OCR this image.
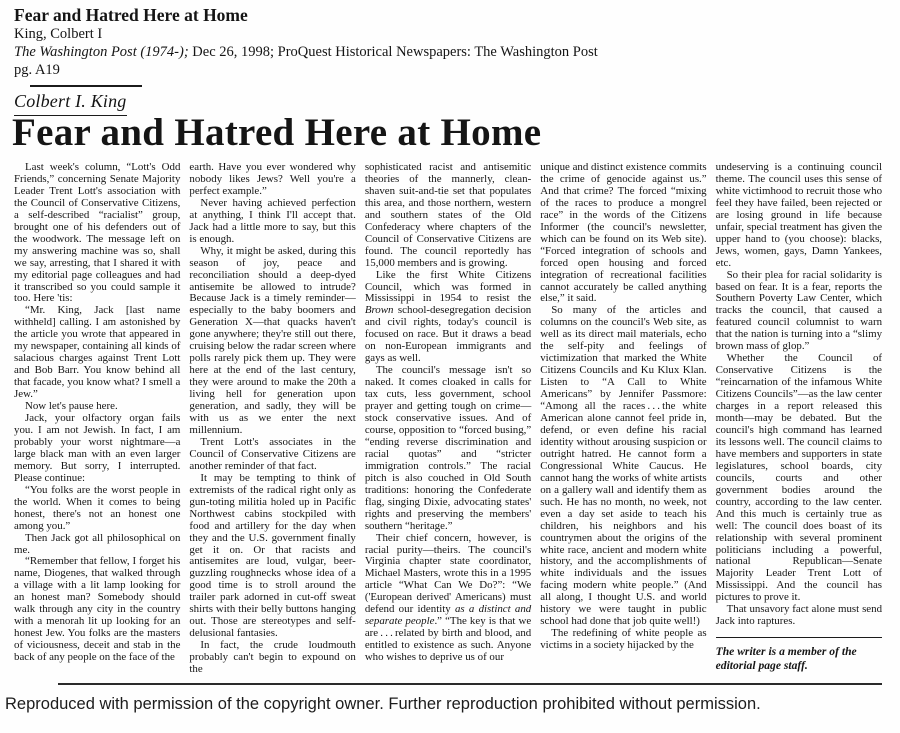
Fear and Hatred Here at Home
King, Colbert I
The Washington Post (1974-); Dec 26, 1998; ProQuest Historical Newspapers: The Washington Post
pg. A19
Colbert I. King
Fear and Hatred Here at Home

Last week's column, “Lott's Odd Friends,” concerning Senate Majority Leader Trent Lott's association with the Council of Conservative Citizens, a self-described “racialist” group, brought one of his defenders out of the woodwork. The message left on my answering machine was so, shall we say, arresting, that I shared it with my editorial page colleagues and had it transcribed so you could sample it too. Here 'tis:

“Mr. King, Jack [last name withheld] calling. I am astonished by the article you wrote that appeared in my newspaper, containing all kinds of salacious charges against Trent Lott and Bob Barr. You know behind all that facade, you know what? I smell a Jew.”

Now let's pause here.

Jack, your olfactory organ fails you. I am not Jewish. In fact, I am probably your worst nightmare—a large black man with an even larger memory. But sorry, I interrupted. Please continue:

“You folks are the worst people in the world. When it comes to being honest, there's not an honest one among you.”

Then Jack got all philosophical on me.

“Remember that fellow, I forget his name, Diogenes, that walked through a village with a lit lamp looking for an honest man? Somebody should walk through any city in the country with a menorah lit up looking for an honest Jew. You folks are the masters of viciousness, deceit and stab in the back of any people on the face of the

earth. Have you ever wondered why nobody likes Jews? Well you're a perfect example.”

Never having achieved perfection at anything, I think I'll accept that. Jack had a little more to say, but this is enough.

Why, it might be asked, during this season of joy, peace and reconciliation should a deep-dyed antisemite be allowed to intrude? Because Jack is a timely reminder—especially to the baby boomers and Generation X—that quacks haven't gone anywhere; they're still out there, cruising below the radar screen where polls rarely pick them up. They were here at the end of the last century, they were around to make the 20th a living hell for generation upon generation, and sadly, they will be with us as we enter the next millennium.

Trent Lott's associates in the Council of Conservative Citizens are another reminder of that fact.

It may be tempting to think of extremists of the radical right only as gun-toting militia holed up in Pacific Northwest cabins stockpiled with food and artillery for the day when they and the U.S. government finally get it on. Or that racists and antisemites are loud, vulgar, beer-guzzling roughnecks whose idea of a good time is to stroll around the trailer park adorned in cut-off sweat shirts with their belly buttons hanging out. Those are stereotypes and self-delusional fantasies.

In fact, the crude loudmouth probably can't begin to expound on the

sophisticated racist and antisemitic theories of the mannerly, clean-shaven suit-and-tie set that populates this area, and those northern, western and southern states of the Old Confederacy where chapters of the Council of Conservative Citizens are found. The council reportedly has 15,000 members and is growing.

Like the first White Citizens Council, which was formed in Mississippi in 1954 to resist the Brown school-desegregation decision and civil rights, today's council is focused on race. But it draws a bead on non-European immigrants and gays as well.

The council's message isn't so naked. It comes cloaked in calls for tax cuts, less government, school prayer and getting tough on crime—stock conservative issues. And of course, opposition to “forced busing,” “ending reverse discrimination and racial quotas” and “stricter immigration controls.” The racial pitch is also couched in Old South traditions: honoring the Confederate flag, singing Dixie, advocating states' rights and preserving the members' southern “heritage.”

Their chief concern, however, is racial purity—theirs. The council's Virginia chapter state coordinator, Michael Masters, wrote this in a 1995 article “What Can We Do?”: “We ('European derived' Americans) must defend our identity as a distinct and separate people.” “The key is that we are . . . related by birth and blood, and entitled to existence as such. Anyone who wishes to deprive us of our

unique and distinct existence commits the crime of genocide against us.” And that crime? The forced “mixing of the races to produce a mongrel race” in the words of the Citizens Informer (the council's newsletter, which can be found on its Web site). “Forced integration of schools and forced open housing and forced integration of recreational facilities cannot accurately be called anything else,” it said.

So many of the articles and columns on the council's Web site, as well as its direct mail materials, echo the self-pity and feelings of victimization that marked the White Citizens Councils and Ku Klux Klan. Listen to “A Call to White Americans” by Jennifer Passmore: “Among all the races . . . the white American alone cannot feel pride in, defend, or even define his racial identity without arousing suspicion or outright hatred. He cannot form a Congressional White Caucus. He cannot hang the works of white artists on a gallery wall and identify them as such. He has no month, no week, not even a day set aside to teach his children, his neighbors and his countrymen about the origins of the white race, ancient and modern white history, and the accomplishments of white individuals and the issues facing modern white people.” (And all along, I thought U.S. and world history we were taught in public school had done that job quite well!)

The redefining of white people as victims in a society hijacked by the

undeserving is a continuing council theme. The council uses this sense of white victimhood to recruit those who feel they have failed, been rejected or are losing ground in life because unfair, special treatment has given the upper hand to (you choose): blacks, Jews, women, gays, Damn Yankees, etc.

So their plea for racial solidarity is based on fear. It is a fear, reports the Southern Poverty Law Center, which tracks the council, that caused a featured council columnist to warn that the nation is turning into a “slimy brown mass of glop.”

Whether the Council of Conservative Citizens is the “reincarnation of the infamous White Citizens Councils”—as the law center charges in a report released this month—may be debated. But the council's high command has learned its lessons well. The council claims to have members and supporters in state legislatures, school boards, city councils, courts and other government bodies around the country, according to the law center. And this much is certainly true as well: The council does boast of its relationship with several prominent politicians including a powerful, national Republican—Senate Majority Leader Trent Lott of Mississippi. And the council has pictures to prove it.

That unsavory fact alone must send Jack into raptures.

The writer is a member of the editorial page staff.

Reproduced with permission of the copyright owner. Further reproduction prohibited without permission.
